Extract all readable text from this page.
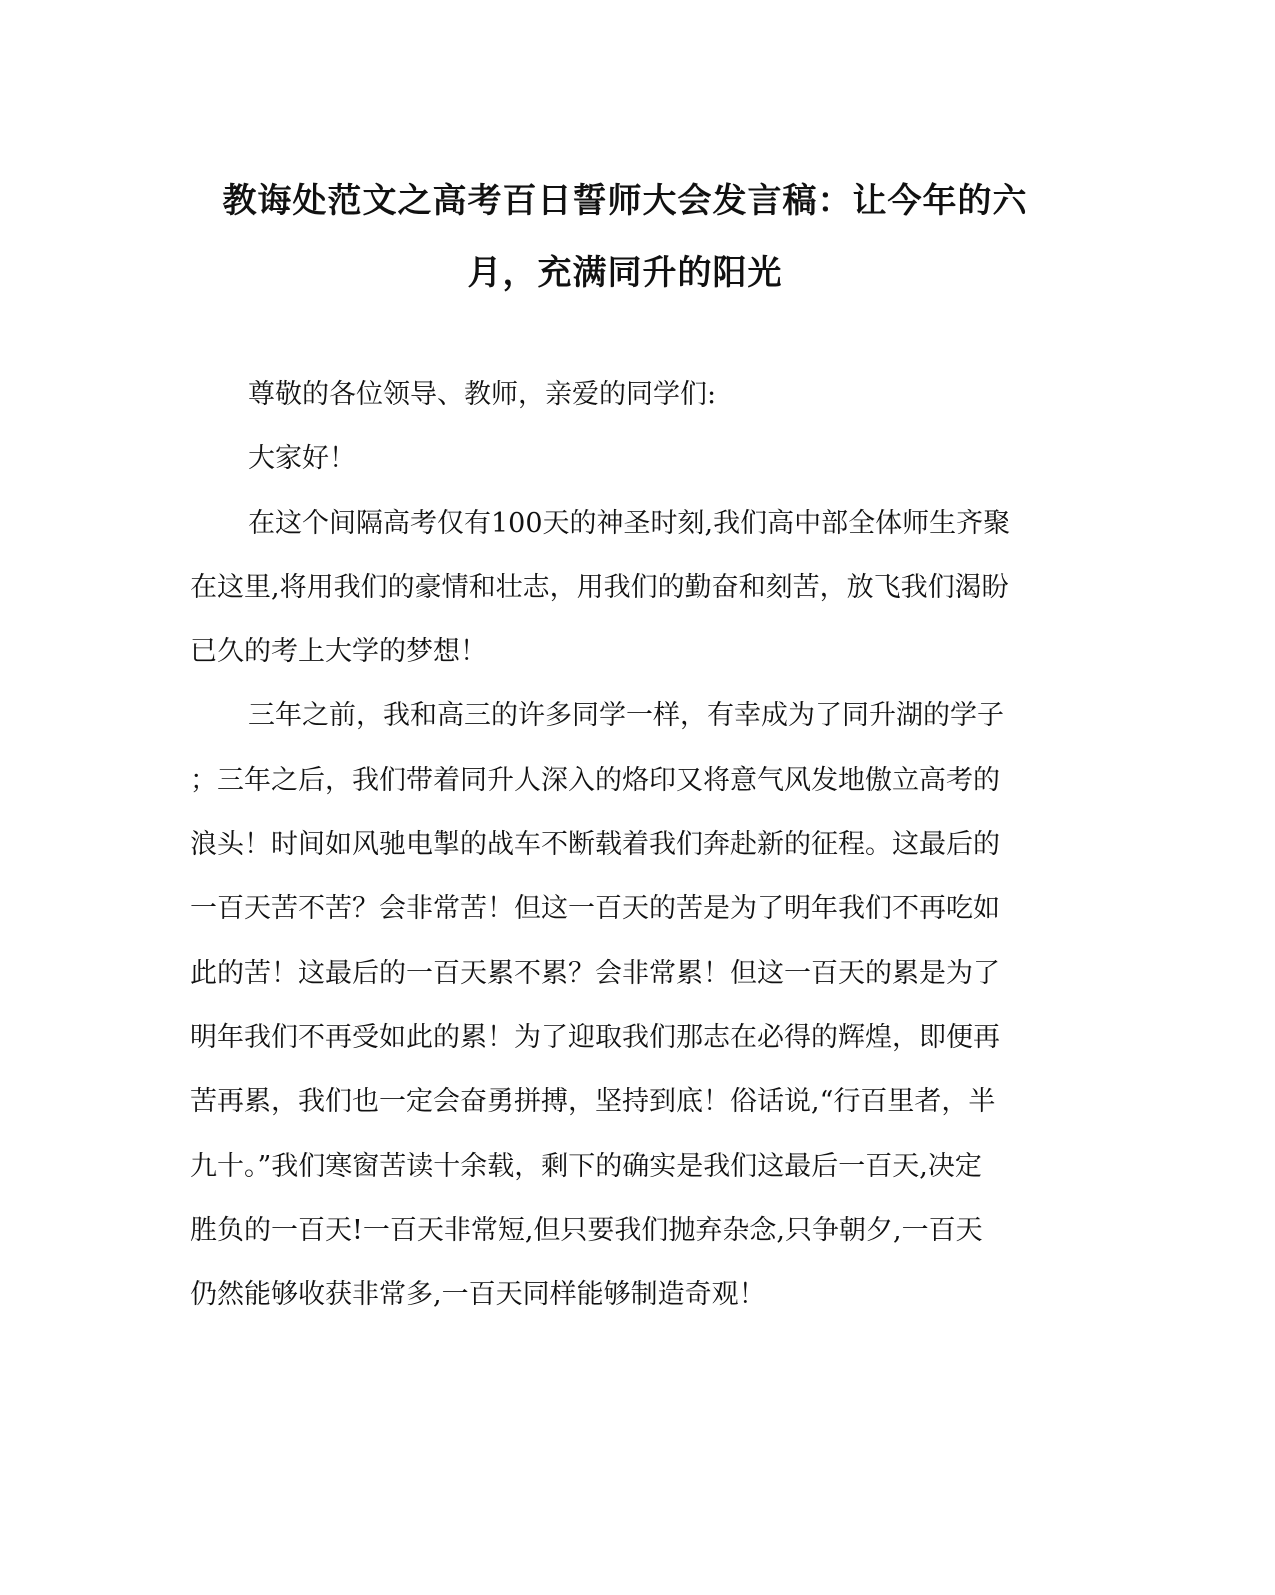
教诲处范文之高考百日誓师大会发言稿：让今年的六
月，充满同升的阳光

尊敬的各位领导、教师，亲爱的同学们:

大家好！

在这个间隔高考仅有100天的神圣时刻,我们高中部全体师生齐聚
在这里,将用我们的豪情和壮志，用我们的勤奋和刻苦，放飞我们渴盼
已久的考上大学的梦想！

三年之前，我和高三的许多同学一样，有幸成为了同升湖的学子
；三年之后，我们带着同升人深入的烙印又将意气风发地傲立高考的
浪头！时间如风驰电掣的战车不断载着我们奔赴新的征程。这最后的
一百天苦不苦？会非常苦！但这一百天的苦是为了明年我们不再吃如
此的苦！这最后的一百天累不累？会非常累！但这一百天的累是为了
明年我们不再受如此的累！为了迎取我们那志在必得的辉煌，即便再
苦再累，我们也一定会奋勇拼搏，坚持到底！俗话说,“行百里者，半
九十。”我们寒窗苦读十余载，剩下的确实是我们这最后一百天,决定
胜负的一百天!一百天非常短,但只要我们抛弃杂念,只争朝夕,一百天
仍然能够收获非常多,一百天同样能够制造奇观！
